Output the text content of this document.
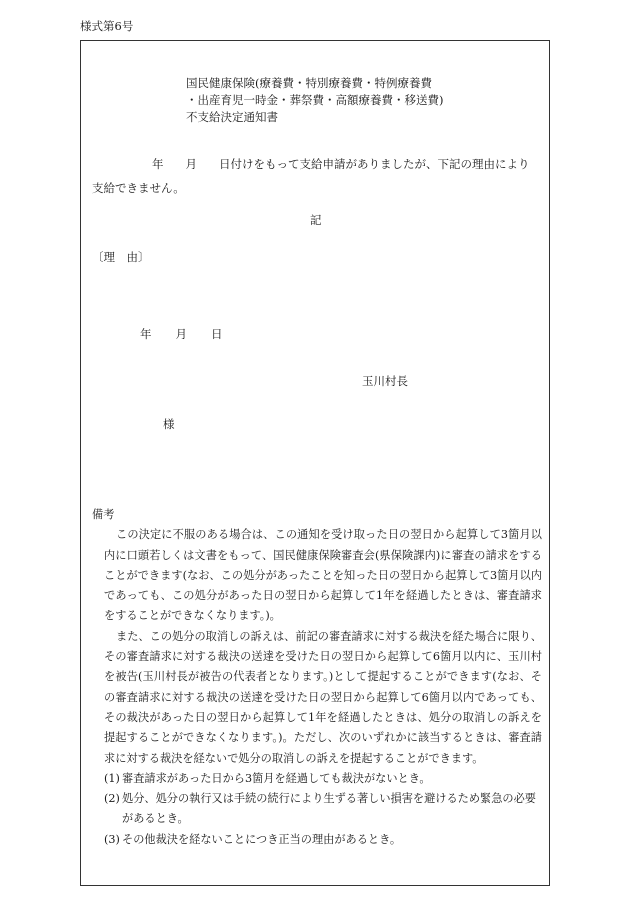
様式第6号
国民健康保険(療養費・特別療養費・特例療養費
・出産育児一時金・葬祭費・高額療養費・移送費)
不支給決定通知書
年 月 日付けをもって支給申請がありましたが、下記の理由により
支給できません。
記
〔理　由〕
年 月 日
玉川村長
様
備考

この決定に不服のある場合は、この通知を受け取った日の翌日から起算して3箇月以内に口頭若しくは文書をもって、国民健康保険審査会(県保険課内)に審査の請求をすることができます(なお、この処分があったことを知った日の翌日から起算して3箇月以内であっても、この処分があった日の翌日から起算して1年を経過したときは、審査請求をすることができなくなります。)。

また、この処分の取消しの訴えは、前記の審査請求に対する裁決を経た場合に限り、その審査請求に対する裁決の送達を受けた日の翌日から起算して6箇月以内に、玉川村を被告(玉川村長が被告の代表者となります。)として提起することができます(なお、その審査請求に対する裁決の送達を受けた日の翌日から起算して6箇月以内であっても、その裁決があった日の翌日から起算して1年を経過したときは、処分の取消しの訴えを提起することができなくなります。)。ただし、次のいずれかに該当するときは、審査請求に対する裁決を経ないで処分の取消しの訴えを提起することができます。

(1) 審査請求があった日から3箇月を経過しても裁決がないとき。
(2) 処分、処分の執行又は手続の続行により生ずる著しい損害を避けるため緊急の必要があるとき。
(3) その他裁決を経ないことにつき正当の理由があるとき。
